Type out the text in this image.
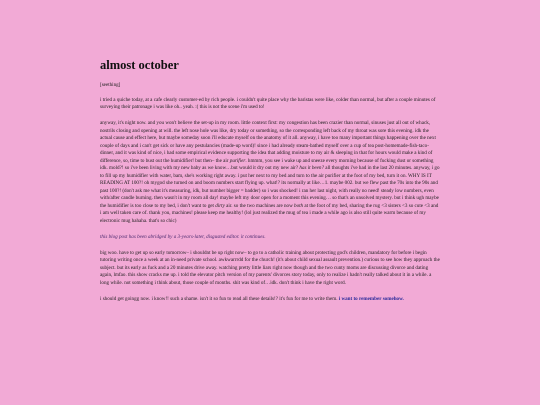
almost october

[seething]

i tried a quiche today, at a cafe clearly customer-ed by rich people. i couldn't quite place why the baristas were like, colder than normal, but after a couple minutes of surveying their patronage i was like oh.. yeah. :( this is not the scene i'm used to!

anyway, it's night now. and you won't believe the set-up in my room. little context first: my congestion has been crazier than normal, sinuses just all out of whack, nostrils closing and opening at will. the left nose hole was like, dry today or something, so the corresponding left back of my throat was sore this evening. idk the actual cause and effect here, but maybe someday soon i'll educate myself on the anatomy of it all. anyway, i have too many important things happening over the next couple of days and i can't get sick or have any pestulancies (made-up word)! since i had already steam-bathed myself over a cup of tea post-homemade-fish-taco-dinner, and it was kind of nice, i had some empirical evidence supporting the idea that adding moisture to my air & sleeping in that for hours would make a kind of difference, so, time to bust out the humidifier! but then– the air purifier. hmmm, you see i wake up and sneeze every morning because of fucking dust or something idk. mold?! so i've been living with my new baby as we know…but would it dry out my new air? has it been? all thoughts i've had in the last 20 minutes. anyway, i go to fill up my humidifier with water, bam, she's working right away. i put her next to my bed and turn to the air purifier at the foot of my bed, turn it on. WHY IS IT READING AT 100?! oh mygod she turned on and boom numbers start flying up. what!? its normally at like…1. maybe 002. but we flew past the 70s into the 90s and past 100?! (don't ask me what it's measuring, idk, but number bigger = badder) so i was shocked! i ran her last night, with really no need! steady low numbers, even with/after candle burning. then wasn't in my room all day! maybe left my door open for a moment this evening… so that's an unsolved mystery. but i think ugh maybe the humidifier is too close to my bed, i don't want to get dirty air. so the two machines are now both at the foot of my bed, sharing the rug <3 sisters <3 so cute <3 and i am well taken care of. thank you, machines! please keep me healthy! (lol just realized the mug of tea i made a while ago is also still quite warm because of my electronic mug hahaha. that's so chic)

this blog post has been abridged by a 3-years-later, disgusted editor. it continues.

big woo. have to get up so early tomorrow– i shouldnt be up right now– to go to a catholic training about protecting god's children, mandatory for before i begin tutoring writing once a week at an in-need private school. awkwarrrdd for the church! (it's about child sexual assault prevention.) curious to see how they approach the subject. but its early as fuck and a 20 minutes drive away. watching pretty little liars right now though and the two cunty moms are discussing divorce and dating again, lmfao. this show cracks me up. i told the elevator pitch version of my parents' divorces story today, only to realize i hadn't really talked about it in a while. a long while. not something i think about, those couple of months. shit was kind of…idk. don't think i have the right word.

i should get goingg now. i know!! such a shame. isn't it so fun to read all these details!? it's fun for me to write them. i want to remember somehow.
